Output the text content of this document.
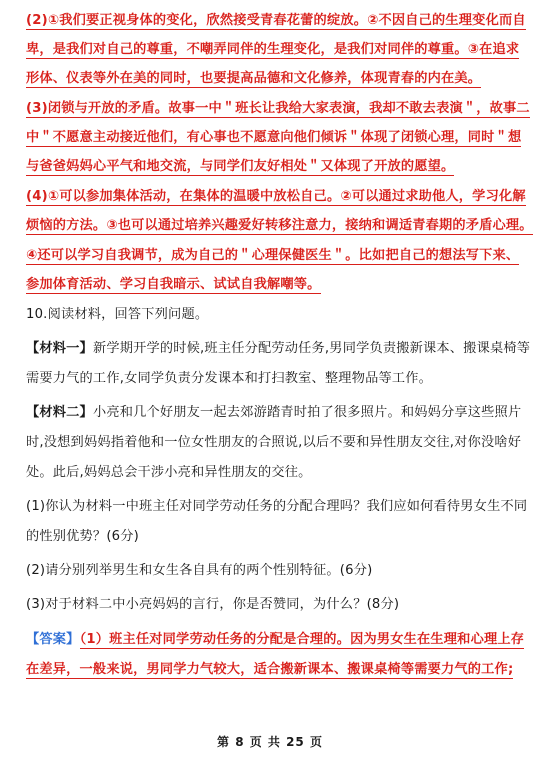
(2)①我们要正视身体的变化，欣然接受青春花蕾的绽放。②不因自己的生理变化而自
卑，是我们对自己的尊重，不嘲弄同伴的生理变化，是我们对同伴的尊重。③在追求
形体、仪表等外在美的同时，也要提高品德和文化修养，体现青春的内在美。
(3)闭锁与开放的矛盾。故事一中＂班长让我给大家表演，我却不敢去表演＂，故事二
中＂不愿意主动接近他们，有心事也不愿意向他们倾诉＂体现了闭锁心理，同时＂想
与爸爸妈妈心平气和地交流，与同学们友好相处＂又体现了开放的愿望。
(4)①可以参加集体活动，在集体的温暖中放松自己。②可以通过求助他人，学习化解
烦恼的方法。③也可以通过培养兴趣爱好转移注意力，接纳和调适青春期的矛盾心理。
④还可以学习自我调节，成为自己的＂心理保健医生＂。比如把自己的想法写下来、
参加体育活动、学习自我暗示、试试自我解嘲等。
10.阅读材料，回答下列问题。
【材料一】新学期开学的时候,班主任分配劳动任务,男同学负责搬新课本、搬课桌椅等
需要力气的工作,女同学负责分发课本和打扫教室、整理物品等工作。
【材料二】小亮和几个好朋友一起去郊游踏青时拍了很多照片。和妈妈分享这些照片
时,没想到妈妈指着他和一位女性朋友的合照说,以后不要和异性朋友交往,对你没啥好
处。此后,妈妈总会干涉小亮和异性朋友的交往。
(1)你认为材料一中班主任对同学劳动任务的分配合理吗？我们应如何看待男女生不同
的性别优势？(6分)
(2)请分别列举男生和女生各自具有的两个性别特征。(6分)
(3)对于材料二中小亮妈妈的言行，你是否赞同，为什么？(8分)
【答案】（1）班主任对同学劳动任务的分配是合理的。因为男女生在生理和心理上存
在差异，一般来说，男同学力气较大，适合搬新课本、搬课桌椅等需要力气的工作;
第 8 页 共 25 页
